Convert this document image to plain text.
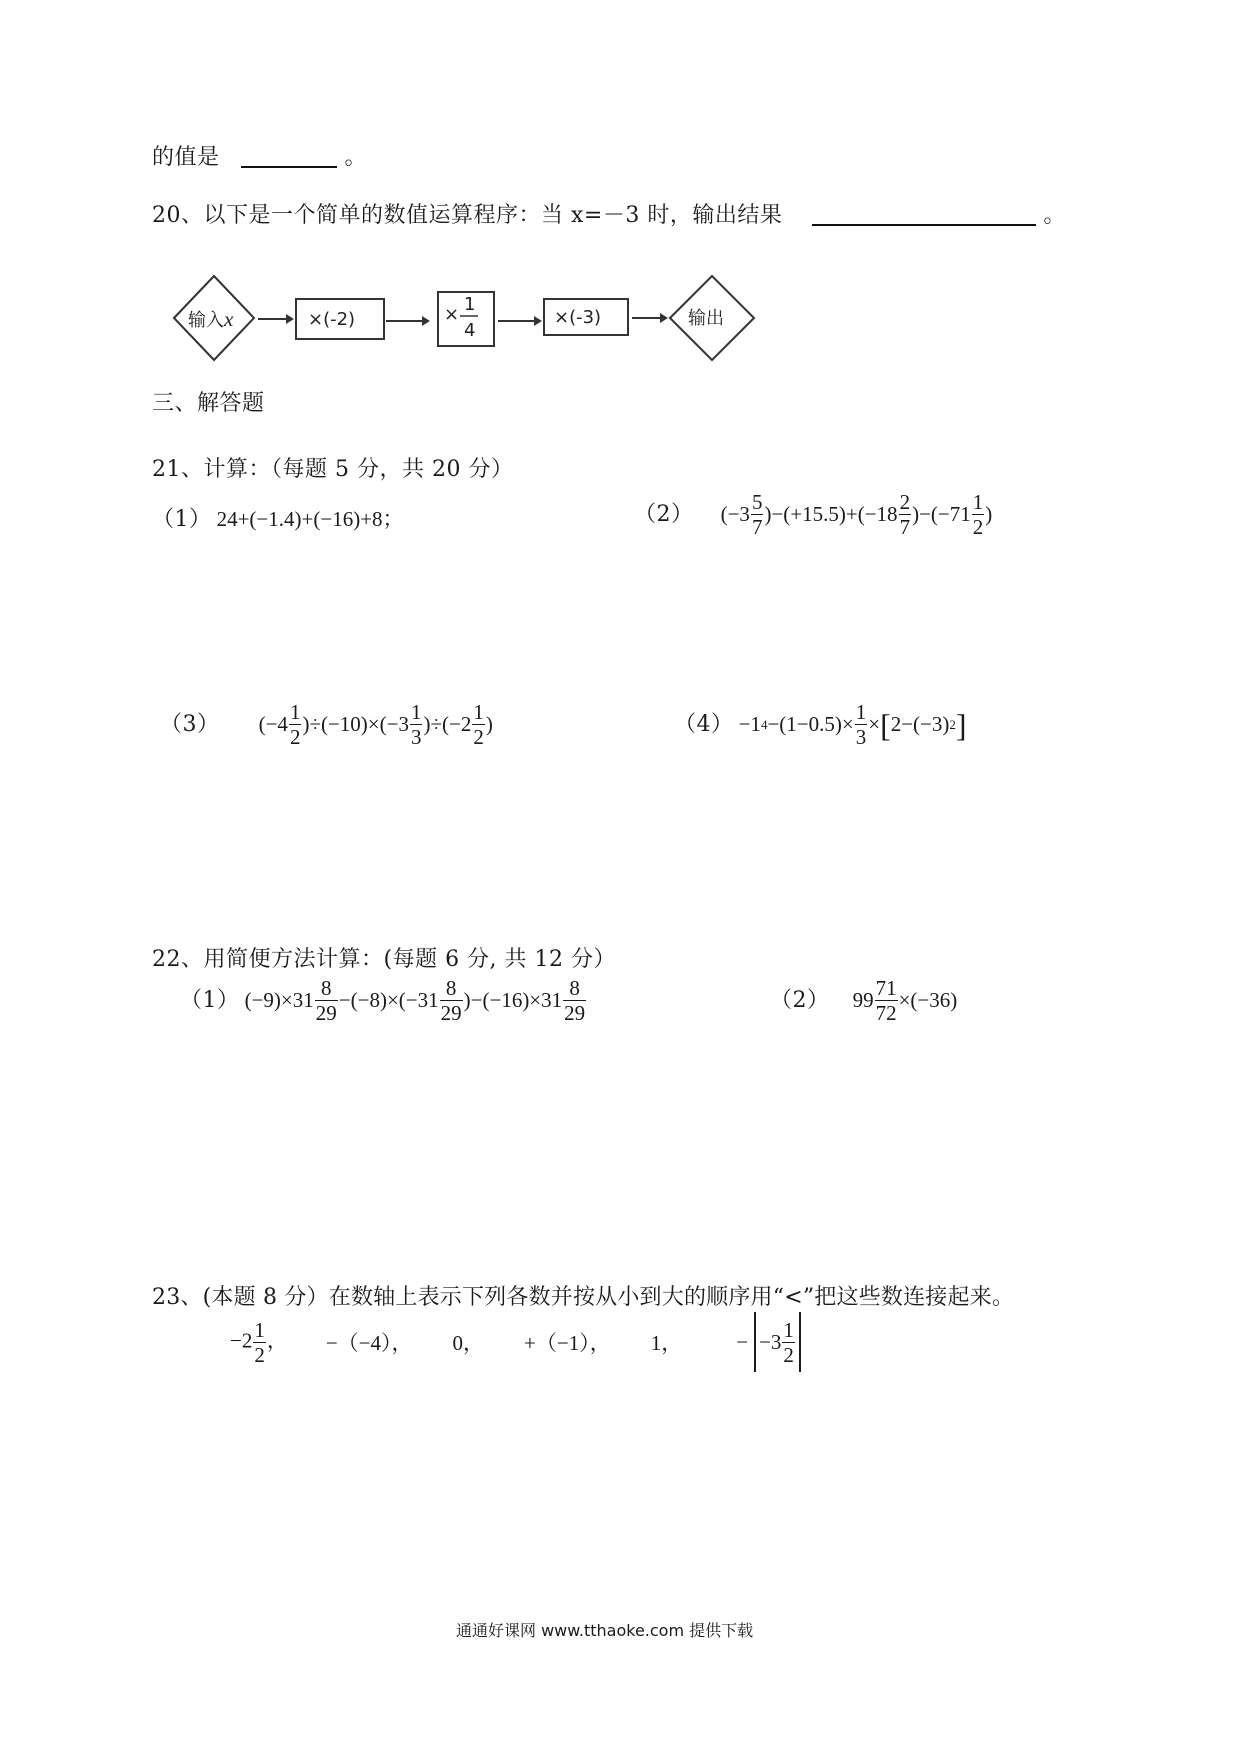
的值是	。
20、以下是一个简单的数值运算程序：当 x=－3 时，输出结果	。
输入x	×(-2)	× 1
4
×(-3)	输出
三、解答题
21、计算：（每题 5 分，共 20 分）
（1） 24+(−1.4)+(−16)+8；	（2） ($-3 \frac{5}{7}$ ) $-(+15.5)+ (-18 \frac{2}{7}$ ) − ($-71 \frac{1}{2}$ )
（3） ($-4 \frac{1}{2}$ ) $\div(-10)\times (-3 \frac{1}{3}$ ) ÷ ($-2 \frac{1}{2}$ )	（4） −1 $4 -(1-0.5)\times \frac{1}{3}$ × [ 2−(−3) 2 ]
22、用简便方法计算：(每题 6 分, 共 12 分）
（1） $(-9)\times 31 \frac{8}{29} -(-8)\times(-31 \frac{8}{29} )-(-16)\times 31 \frac{8}{29}$	（2） $99 \frac{71}{72} \times(-36)$
23、(本题 8 分）在数轴上表示下列各数并按从小到大的顺序用“<”把这些数连接起来。
$-2 \frac{1}{2}$ ， −（−4）， 0， +（−1）， 1，	− $-3 \frac{1}{2}$
通通好课网 www.tthaoke.com 提供下载
